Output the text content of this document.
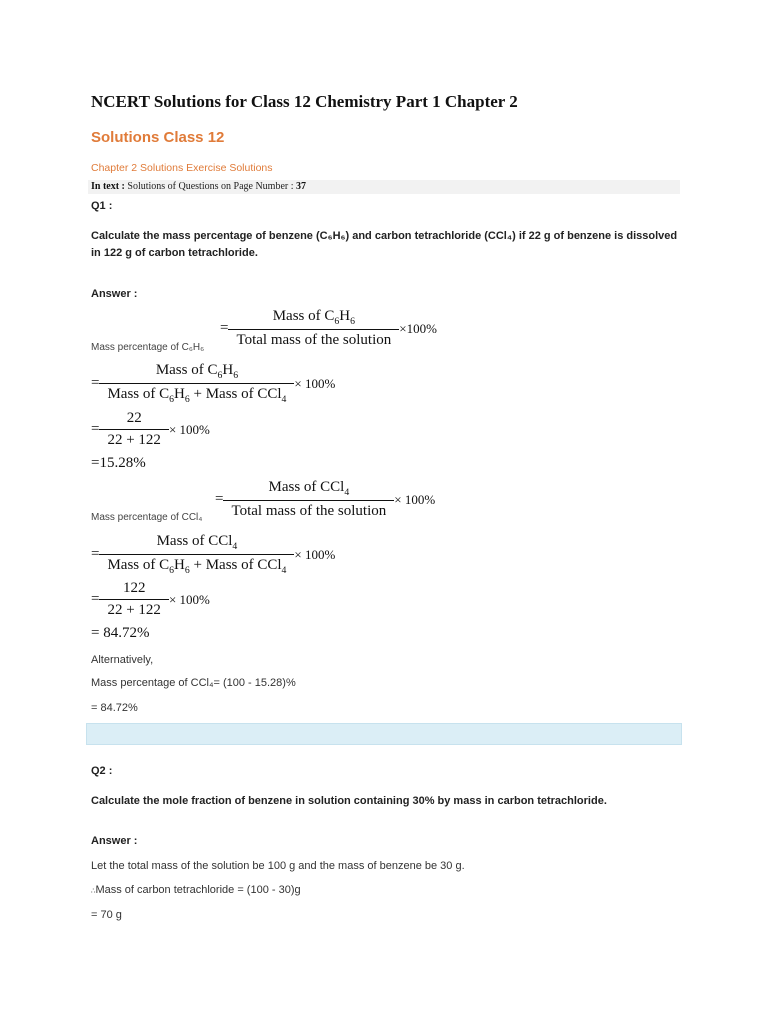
NCERT Solutions for Class 12 Chemistry Part 1 Chapter 2
Solutions Class 12
Chapter 2 Solutions Exercise Solutions
In text : Solutions of Questions on Page Number : 37
Q1 :
Calculate the mass percentage of benzene (C₆H₆) and carbon tetrachloride (CCl₄) if 22 g of benzene is dissolved in 122 g of carbon tetrachloride.
Answer :
= $\frac{Mass of C_6H_6}{\text{Total mass of the solution}} \times 100\%$
Mass percentage of C₆H₆
= $\frac{Mass of C_6H_6}{Mass of C_6H_6 + Mass of CCl_4} \times 100\%$
= $\frac{22}{22 + 122} \times 100\%$
=15.28%
= $\frac{Mass of CCl_4}{\text{Total mass of the solution}} \times 100\%$
Mass percentage of CCl₄
= $\frac{Mass of CCl_4}{Mass of C_6H_6 + Mass of CCl_4} \times 100\%$
= $\frac{122}{22 + 122} \times 100\%$
= 84.72%
Alternatively,
Mass percentage of CCl₄= (100 - 15.28)%
= 84.72%
Q2 :
Calculate the mole fraction of benzene in solution containing 30% by mass in carbon tetrachloride.
Answer :
Let the total mass of the solution be 100 g and the mass of benzene be 30 g.
∴Mass of carbon tetrachloride = (100 - 30)g
= 70 g
